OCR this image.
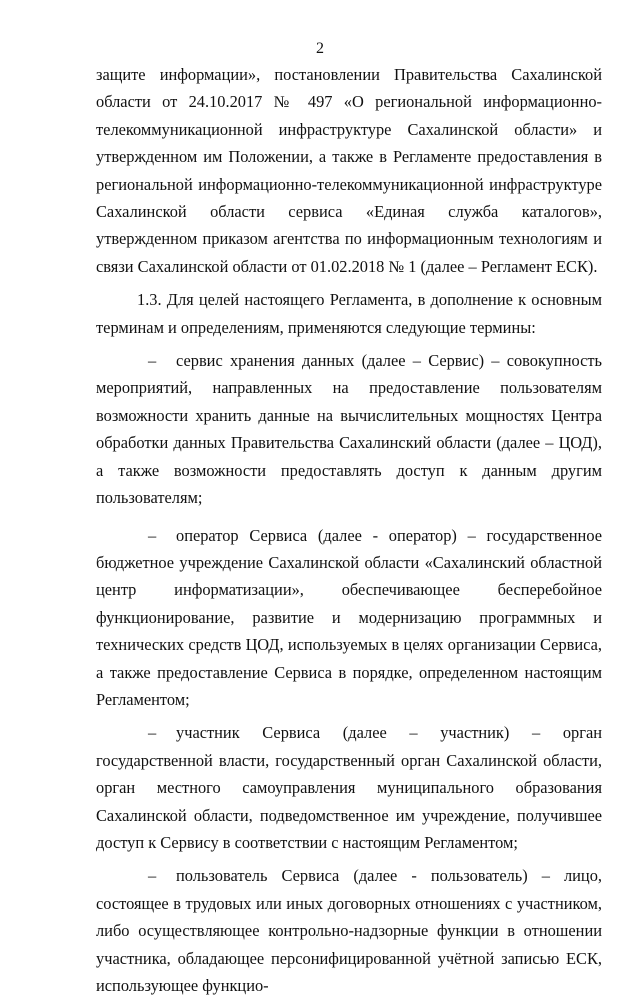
2

защите информации», постановлении Правительства Сахалинской области от 24.10.2017 № 497 «О региональной информационно-телекоммуникационной инфраструктуре Сахалинской области» и утвержденном им Положении, а также в Регламенте предоставления в региональной информационно-телекоммуникационной инфраструктуре Сахалинской области сервиса «Единая служба каталогов», утвержденном приказом агентства по информационным технологиям и связи Сахалинской области от 01.02.2018 № 1 (далее – Регламент ЕСК).

1.3. Для целей настоящего Регламента, в дополнение к основным терминам и определениям, применяются следующие термины:

– сервис хранения данных (далее – Сервис) – совокупность мероприятий, направленных на предоставление пользователям возможности хранить данные на вычислительных мощностях Центра обработки данных Правительства Сахалинский области (далее – ЦОД), а также возможности предоставлять доступ к данным другим пользователям;

– оператор Сервиса (далее - оператор) – государственное бюджетное учреждение Сахалинской области «Сахалинский областной центр информатизации», обеспечивающее бесперебойное функционирование, развитие и модернизацию программных и технических средств ЦОД, используемых в целях организации Сервиса, а также предоставление Сервиса в порядке, определенном настоящим Регламентом;

– участник Сервиса (далее – участник) – орган государственной власти, государственный орган Сахалинской области, орган местного самоуправления муниципального образования Сахалинской области, подведомственное им учреждение, получившее доступ к Сервису в соответствии с настоящим Регламентом;

– пользователь Сервиса (далее - пользователь) – лицо, состоящее в трудовых или иных договорных отношениях с участником, либо осуществляющее контрольно-надзорные функции в отношении участника, обладающее персонифицированной учётной записью ЕСК, использующее функцио-
